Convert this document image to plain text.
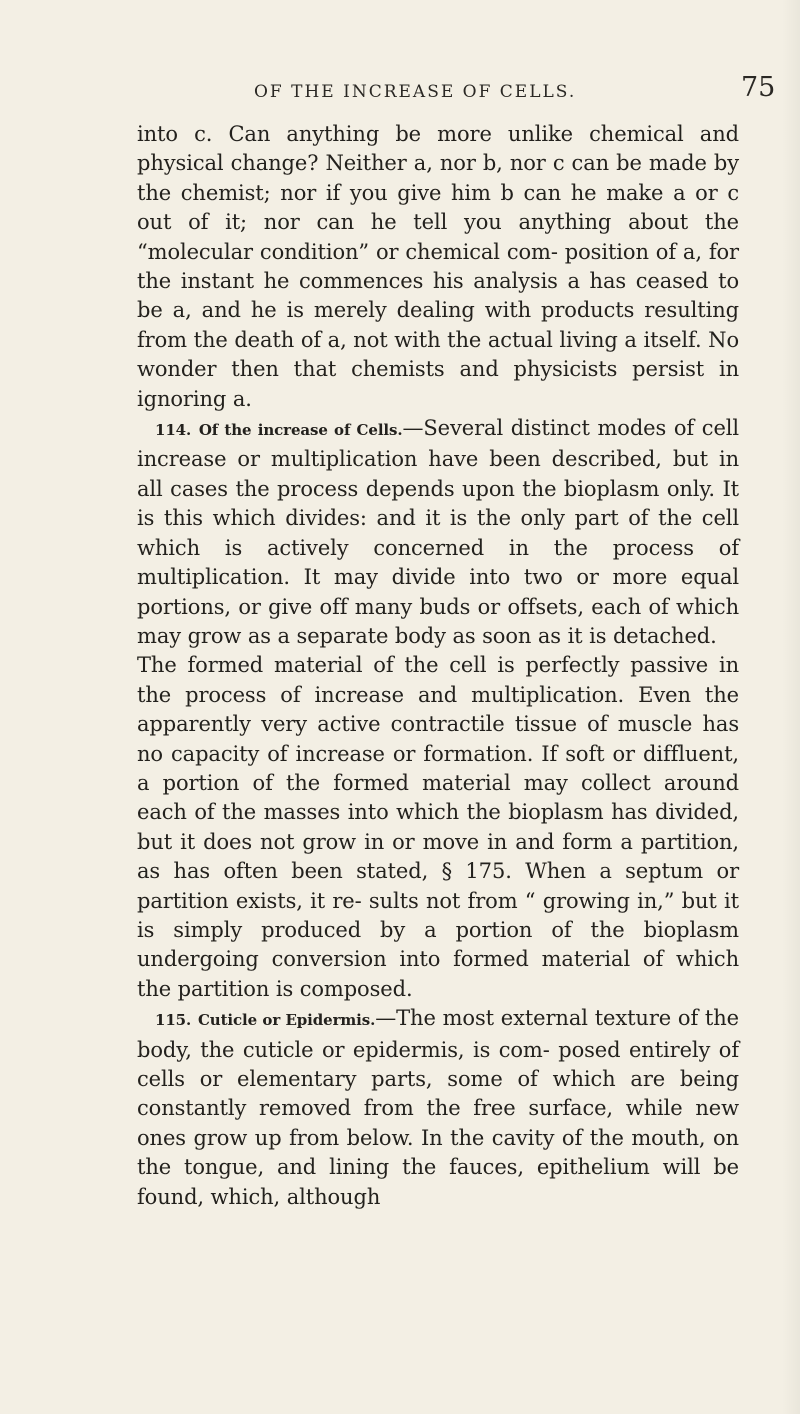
OF THE INCREASE OF CELLS.	75

into c. Can anything be more unlike chemical and physical change? Neither a, nor b, nor c can be made by the chemist; nor if you give him b can he make a or c out of it; nor can he tell you anything about the “molecular condition” or chemical com- position of a, for the instant he commences his analysis a has ceased to be a, and he is merely dealing with products resulting from the death of a, not with the actual living a itself. No wonder then that chemists and physicists persist in ignoring a.

114. Of the increase of Cells.—Several distinct modes of cell increase or multiplication have been described, but in all cases the process depends upon the bioplasm only. It is this which divides: and it is the only part of the cell which is actively concerned in the process of multiplication. It may divide into two or more equal portions, or give off many buds or offsets, each of which may grow as a separate body as soon as it is detached.

The formed material of the cell is perfectly passive in the process of increase and multiplication. Even the apparently very active contractile tissue of muscle has no capacity of increase or formation. If soft or diffluent, a portion of the formed material may collect around each of the masses into which the bioplasm has divided, but it does not grow in or move in and form a partition, as has often been stated, § 175. When a septum or partition exists, it re- sults not from “ growing in,” but it is simply produced by a portion of the bioplasm undergoing conversion into formed material of which the partition is composed.

115. Cuticle or Epidermis.—The most external texture of the body, the cuticle or epidermis, is com- posed entirely of cells or elementary parts, some of which are being constantly removed from the free surface, while new ones grow up from below. In the cavity of the mouth, on the tongue, and lining the fauces, epithelium will be found, which, although
